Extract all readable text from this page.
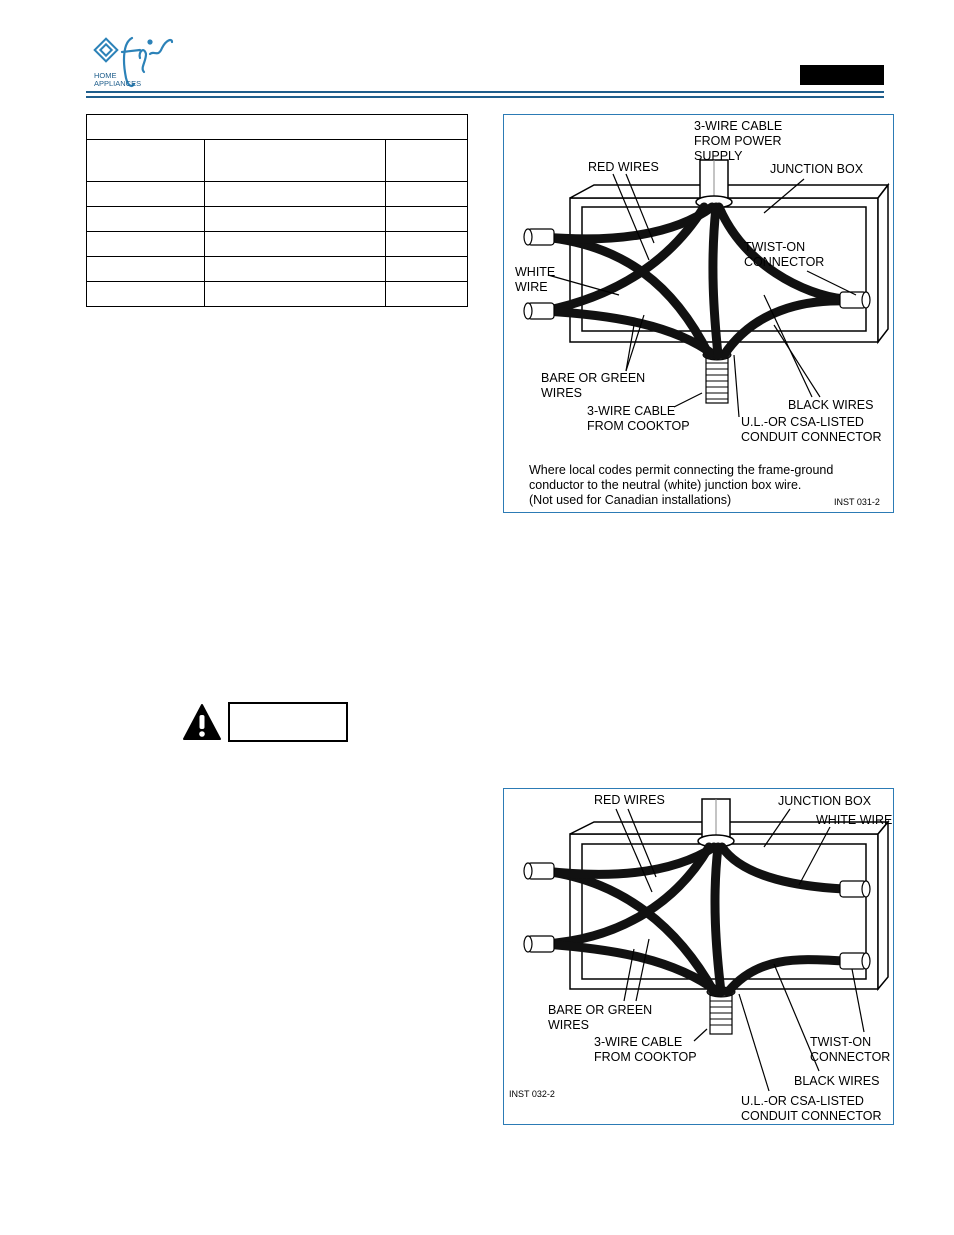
HOME
APPLIANCES

3-WIRE CABLE
FROM POWER
SUPPLY
RED WIRES	JUNCTION BOX
TWIST-ON
CONNECTOR
WHITE
WIRE
BARE OR GREEN
WIRES
BLACK WIRES
3-WIRE CABLE
FROM COOKTOP	U.L.-OR CSA-LISTED
CONDUIT CONNECTOR
Where local codes permit connecting the frame-ground
conductor to the neutral (white) junction box wire.
(Not used for Canadian installations)	INST 031-2
RED WIRES	JUNCTION BOX
WHITE WIRE
BARE OR GREEN
WIRES
3-WIRE CABLE
FROM COOKTOP
TWIST-ON
CONNECTOR
BLACK WIRES
INST 032-2	U.L.-OR CSA-LISTED
CONDUIT CONNECTOR
